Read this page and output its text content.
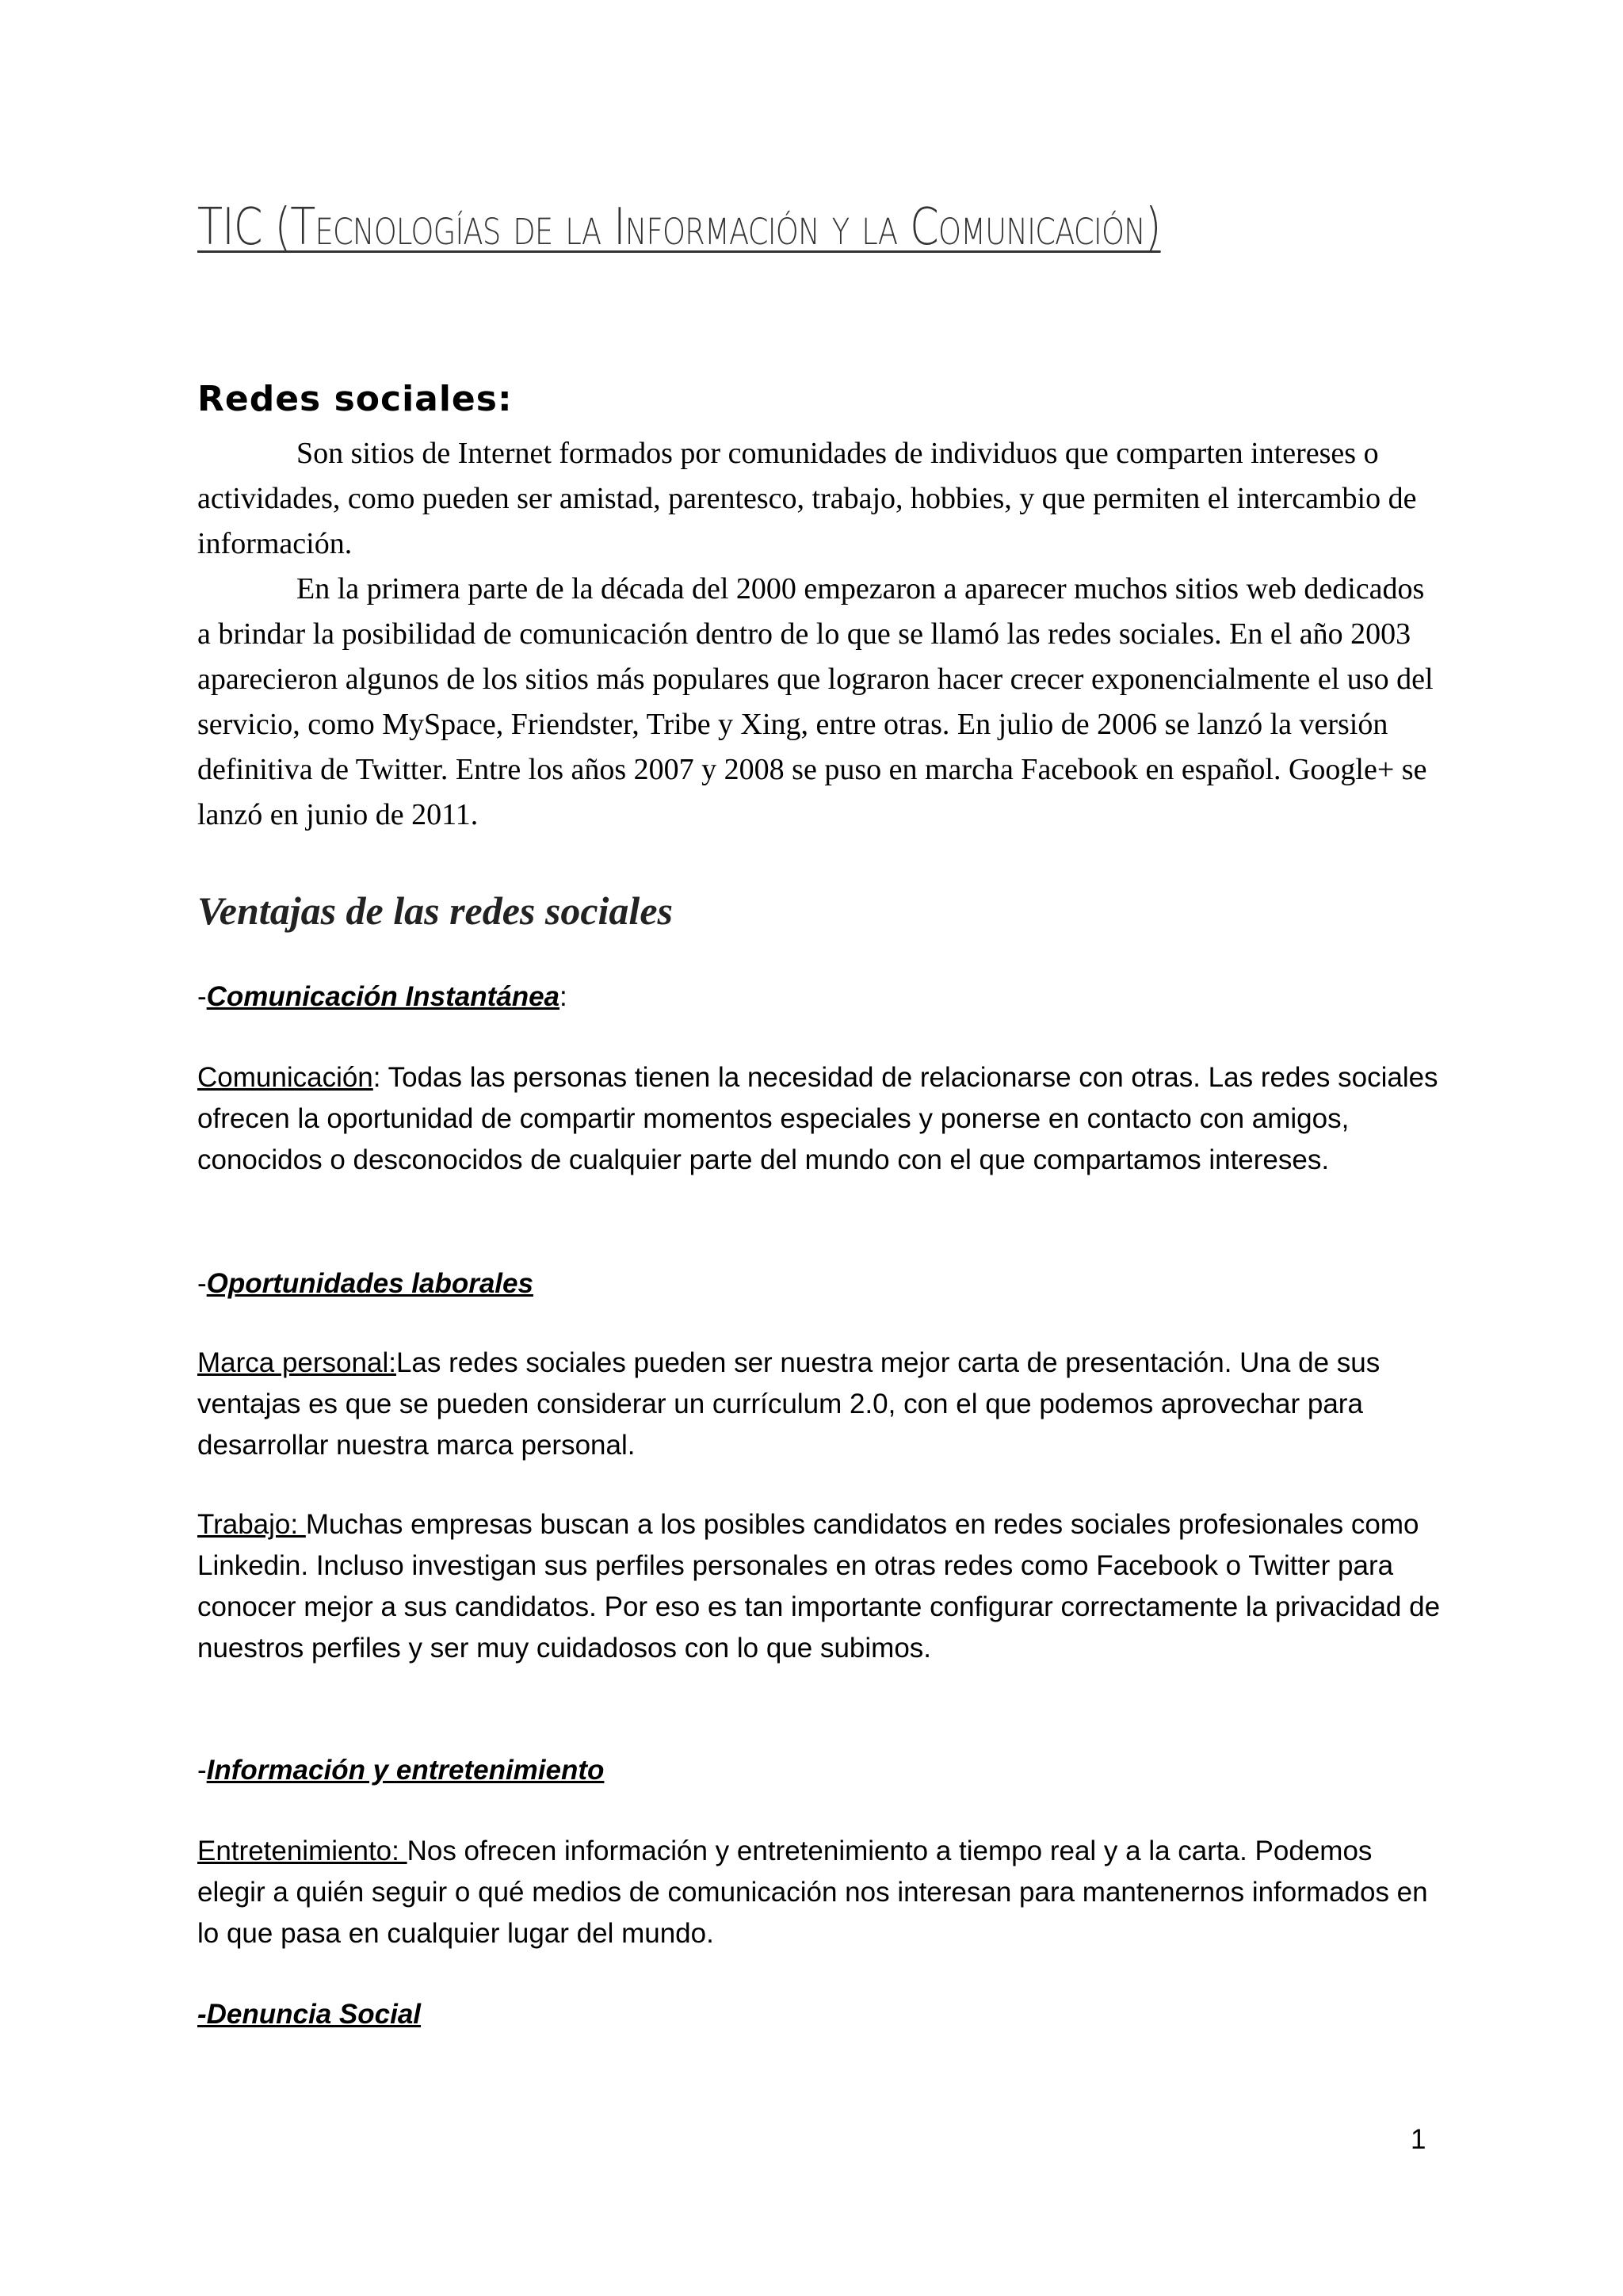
TIC (Tecnologías de la Información y la Comunicación)
Redes sociales:

Son sitios de Internet formados por comunidades de individuos que comparten intereses o actividades, como pueden ser amistad, parentesco, trabajo, hobbies, y que permiten el intercambio de información.

En la primera parte de la década del 2000 empezaron a aparecer muchos sitios web dedicados a brindar la posibilidad de comunicación dentro de lo que se llamó las redes sociales. En el año 2003 aparecieron algunos de los sitios más populares que lograron hacer crecer exponencialmente el uso del servicio, como MySpace, Friendster, Tribe y Xing, entre otras. En julio de 2006 se lanzó la versión definitiva de Twitter. Entre los años 2007 y 2008 se puso en marcha Facebook en español. Google+ se lanzó en junio de 2011.

Ventajas de las redes sociales

-Comunicación Instantánea:

Comunicación: Todas las personas tienen la necesidad de relacionarse con otras. Las redes sociales ofrecen la oportunidad de compartir momentos especiales y ponerse en contacto con amigos, conocidos o desconocidos de cualquier parte del mundo con el que compartamos intereses.

-Oportunidades laborales

Marca personal:Las redes sociales pueden ser nuestra mejor carta de presentación. Una de sus ventajas es que se pueden considerar un currículum 2.0, con el que podemos aprovechar para desarrollar nuestra marca personal.

Trabajo: Muchas empresas buscan a los posibles candidatos en redes sociales profesionales como Linkedin. Incluso investigan sus perfiles personales en otras redes como Facebook o Twitter para conocer mejor a sus candidatos. Por eso es tan importante configurar correctamente la privacidad de nuestros perfiles y ser muy cuidadosos con lo que subimos.

-Información y entretenimiento

Entretenimiento: Nos ofrecen información y entretenimiento a tiempo real y a la carta. Podemos elegir a quién seguir o qué medios de comunicación nos interesan para mantenernos informados en lo que pasa en cualquier lugar del mundo.

-Denuncia Social

1
